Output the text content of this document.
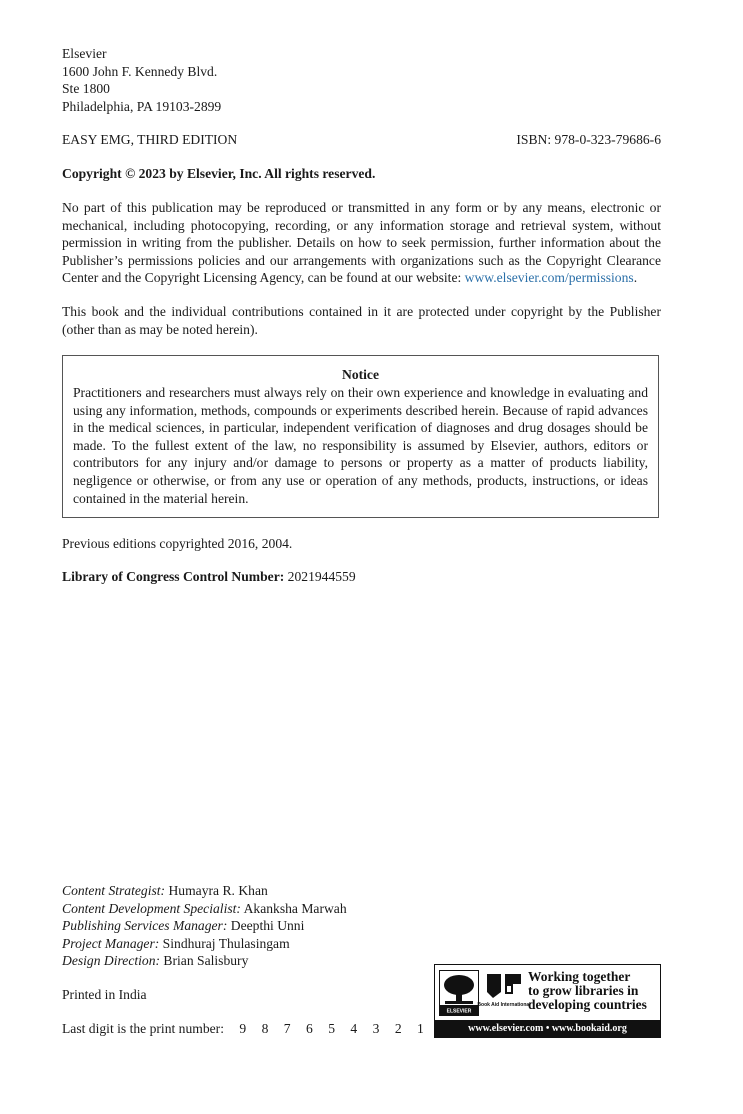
Elsevier
1600 John F. Kennedy Blvd.
Ste 1800
Philadelphia, PA 19103-2899
EASY EMG, THIRD EDITION	ISBN: 978-0-323-79686-6
Copyright © 2023 by Elsevier, Inc. All rights reserved.
No part of this publication may be reproduced or transmitted in any form or by any means, electronic or mechanical, including photocopying, recording, or any information storage and retrieval system, without permission in writing from the publisher. Details on how to seek permission, further information about the Publisher’s permissions policies and our arrangements with organizations such as the Copyright Clearance Center and the Copyright Licensing Agency, can be found at our website: www.elsevier.com/permissions.
This book and the individual contributions contained in it are protected under copyright by the Publisher (other than as may be noted herein).
Notice
Practitioners and researchers must always rely on their own experience and knowledge in evaluating and using any information, methods, compounds or experiments described herein. Because of rapid advances in the medical sciences, in particular, independent verification of diagnoses and drug dosages should be made. To the fullest extent of the law, no responsibility is assumed by Elsevier, authors, editors or contributors for any injury and/or damage to persons or property as a matter of products liability, negligence or otherwise, or from any use or operation of any methods, products, instructions, or ideas contained in the material herein.
Previous editions copyrighted 2016, 2004.
Library of Congress Control Number: 2021944559
Content Strategist: Humayra R. Khan
Content Development Specialist: Akanksha Marwah
Publishing Services Manager: Deepthi Unni
Project Manager: Sindhuraj Thulasingam
Design Direction: Brian Salisbury
Printed in India
Last digit is the print number: 9 8 7 6 5 4 3 2 1
ELSEVIER
Book Aid International
Working together
to grow libraries in
developing countries
www.elsevier.com • www.bookaid.org
